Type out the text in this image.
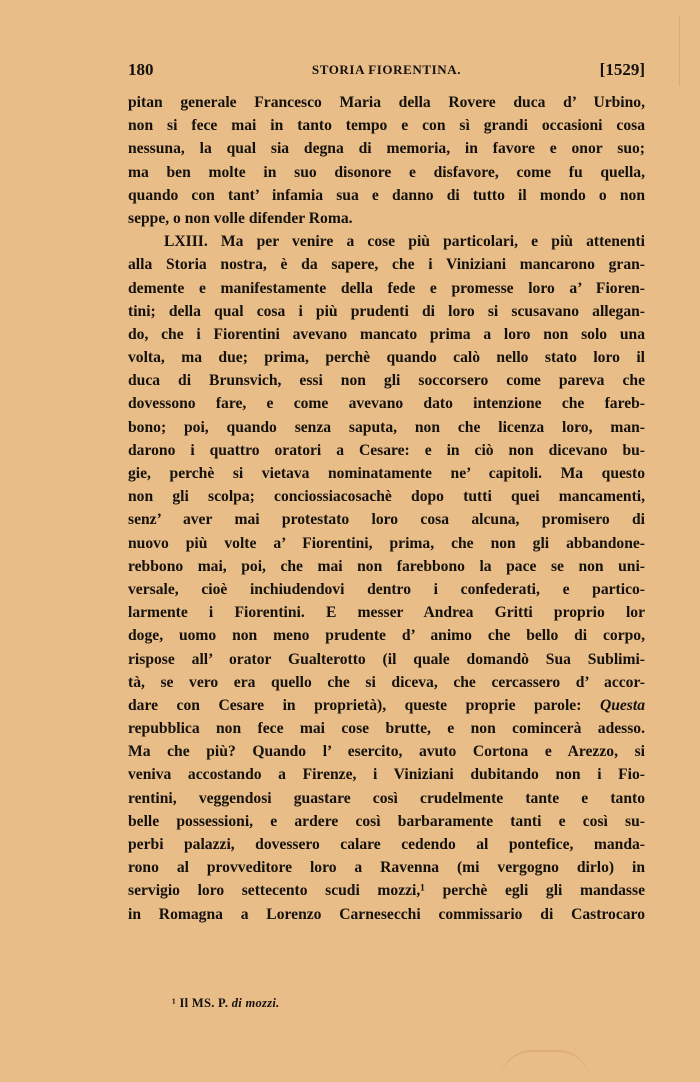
180	STORIA FIORENTINA.	[1529]
pitan generale Francesco Maria della Rovere duca d’ Urbino,
non si fece mai in tanto tempo e con sì grandi occasioni cosa
nessuna, la qual sia degna di memoria, in favore e onor suo;
ma ben molte in suo disonore e disfavore, come fu quella,
quando con tant’ infamia sua e danno di tutto il mondo o non
seppe, o non volle difender Roma.
LXIII. Ma per venire a cose più particolari, e più attenenti
alla Storia nostra, è da sapere, che i Viniziani mancarono gran-
demente e manifestamente della fede e promesse loro a’ Fioren-
tini; della qual cosa i più prudenti di loro si scusavano allegan-
do, che i Fiorentini avevano mancato prima a loro non solo una
volta, ma due; prima, perchè quando calò nello stato loro il
duca di Brunsvich, essi non gli soccorsero come pareva che
dovessono fare, e come avevano dato intenzione che fareb-
bono; poi, quando senza saputa, non che licenza loro, man-
darono i quattro oratori a Cesare: e in ciò non dicevano bu-
gie, perchè si vietava nominatamente ne’ capitoli. Ma questo
non gli scolpa; conciossiacosachè dopo tutti quei mancamenti,
senz’ aver mai protestato loro cosa alcuna, promisero di
nuovo più volte a’ Fiorentini, prima, che non gli abbandone-
rebbono mai, poi, che mai non farebbono la pace se non uni-
versale, cioè inchiudendovi dentro i confederati, e partico-
larmente i Fiorentini. E messer Andrea Gritti proprio lor
doge, uomo non meno prudente d’ animo che bello di corpo,
rispose all’ orator Gualterotto (il quale domandò Sua Sublimi-
tà, se vero era quello che si diceva, che cercassero d’ accor-
dare con Cesare in proprietà), queste proprie parole: Questa
repubblica non fece mai cose brutte, e non comincerà adesso.
Ma che più? Quando l’ esercito, avuto Cortona e Arezzo, si
veniva accostando a Firenze, i Viniziani dubitando non i Fio-
rentini, veggendosi guastare così crudelmente tante e tanto
belle possessioni, e ardere così barbaramente tanti e così su-
perbi palazzi, dovessero calare cedendo al pontefice, manda-
rono al provveditore loro a Ravenna (mi vergogno dirlo) in
servigio loro settecento scudi mozzi,¹ perchè egli gli mandasse
in Romagna a Lorenzo Carnesecchi commissario di Castrocaro
¹ Il MS. P. di mozzi.
